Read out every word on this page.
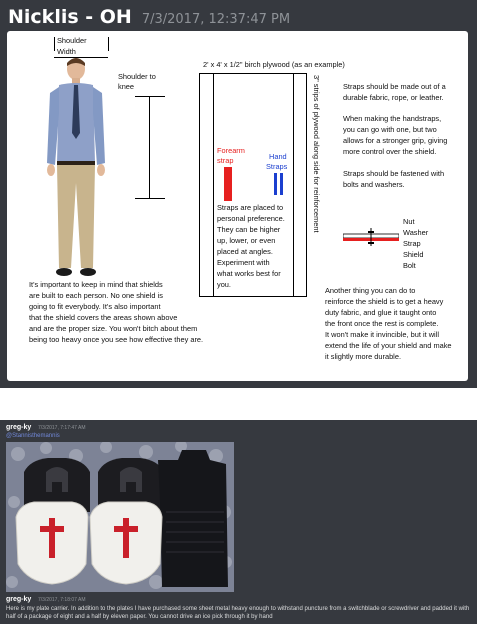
Nicklis - OH 7/3/2017, 12:37:47 PM
Shoulder
Width
Shoulder to
knee
2' x 4' x 1/2" birch plywood (as an example)
Forearm
strap	Hand
Straps
Straps are placed to
personal preference.
They can be higher
up, lower, or even
placed at angles.
Experiment with
what works best for
you.
3" strips of plywood along side for reinforcement	Straps should be made out of a
durable fabric, rope, or leather.
When making the handstraps,
you can go with one, but two
allows for a stronger grip, giving
more control over the shield.
Straps should be fastened with
bolts and washers.
Nut
Washer
Strap
Shield
Bolt
It's important to keep in mind that shields
are built to each person. No one shield is
going to fit everybody. It's also important
that the shield covers the areas shown above
and are the proper size. You won't bitch about them
being too heavy once you see how effective they are.
Another thing you can do to
reinforce the shield is to get a heavy
duty fabric, and glue it taught onto
the front once the rest is complete.
It won't make it invincible, but it will
extend the life of your shield and make
it slightly more durable.
greg-ky 7/3/2017, 7:17:47 AM
@Stannisthemannis
greg-ky 7/3/2017, 7:18:07 AM
Here is my plate carrier. In addition to the plates I have purchased some sheet metal heavy enough to withstand puncture from a switchblade or screwdriver and padded it with half of a package of eight and a half by eleven paper. You cannot drive an ice pick through it by hand
